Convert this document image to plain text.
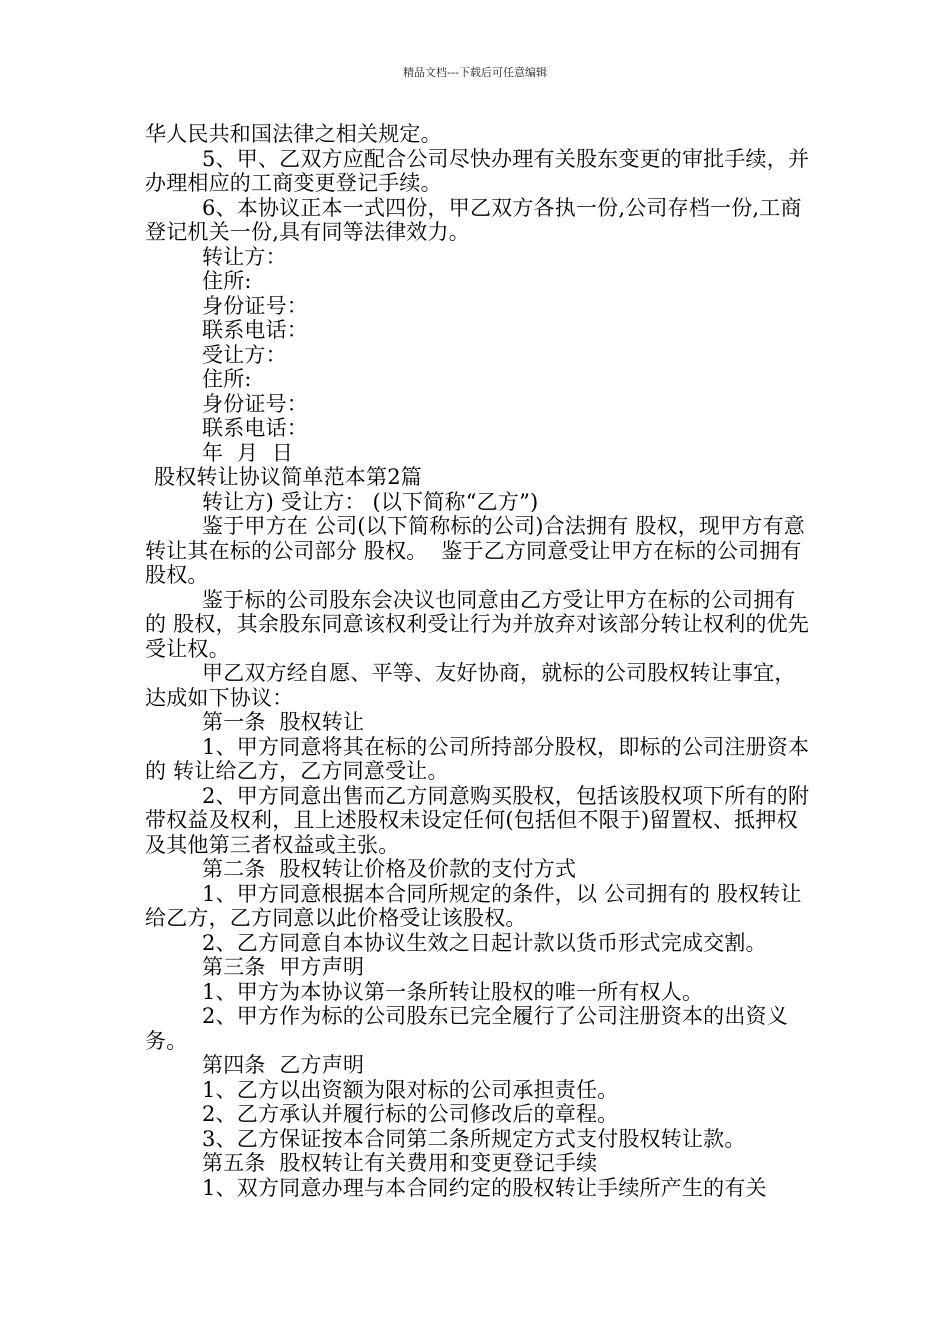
精品文档---下载后可任意编辑

华人民共和国法律之相关规定。

5、甲、乙双方应配合公司尽快办理有关股东变更的审批手续，并办理相应的工商变更登记手续。

6、本协议正本一式四份，甲乙双方各执一份,公司存档一份,工商登记机关一份,具有同等法律效力。

转让方：

住所:

身份证号：

联系电话：

受让方：

住所:

身份证号：

联系电话：

年  月  日

股权转让协议简单范本第2篇

转让方) 受让方： (以下简称“乙方”)

鉴于甲方在 公司(以下简称标的公司)合法拥有 股权，现甲方有意转让其在标的公司部分 股权。  鉴于乙方同意受让甲方在标的公司拥有 股权。

鉴于标的公司股东会决议也同意由乙方受让甲方在标的公司拥有的 股权，其余股东同意该权利受让行为并放弃对该部分转让权利的优先受让权。

甲乙双方经自愿、平等、友好协商，就标的公司股权转让事宜，达成如下协议：

第一条  股权转让

1、甲方同意将其在标的公司所持部分股权，即标的公司注册资本的 转让给乙方，乙方同意受让。

2、甲方同意出售而乙方同意购买股权，包括该股权项下所有的附带权益及权利，且上述股权未设定任何(包括但不限于)留置权、抵押权及其他第三者权益或主张。

第二条  股权转让价格及价款的支付方式

1、甲方同意根据本合同所规定的条件，以 公司拥有的 股权转让给乙方，乙方同意以此价格受让该股权。

2、乙方同意自本协议生效之日起计款以货币形式完成交割。

第三条  甲方声明

1、甲方为本协议第一条所转让股权的唯一所有权人。

2、甲方作为标的公司股东已完全履行了公司注册资本的出资义务。

第四条  乙方声明

1、乙方以出资额为限对标的公司承担责任。

2、乙方承认并履行标的公司修改后的章程。

3、乙方保证按本合同第二条所规定方式支付股权转让款。

第五条  股权转让有关费用和变更登记手续

1、双方同意办理与本合同约定的股权转让手续所产生的有关
